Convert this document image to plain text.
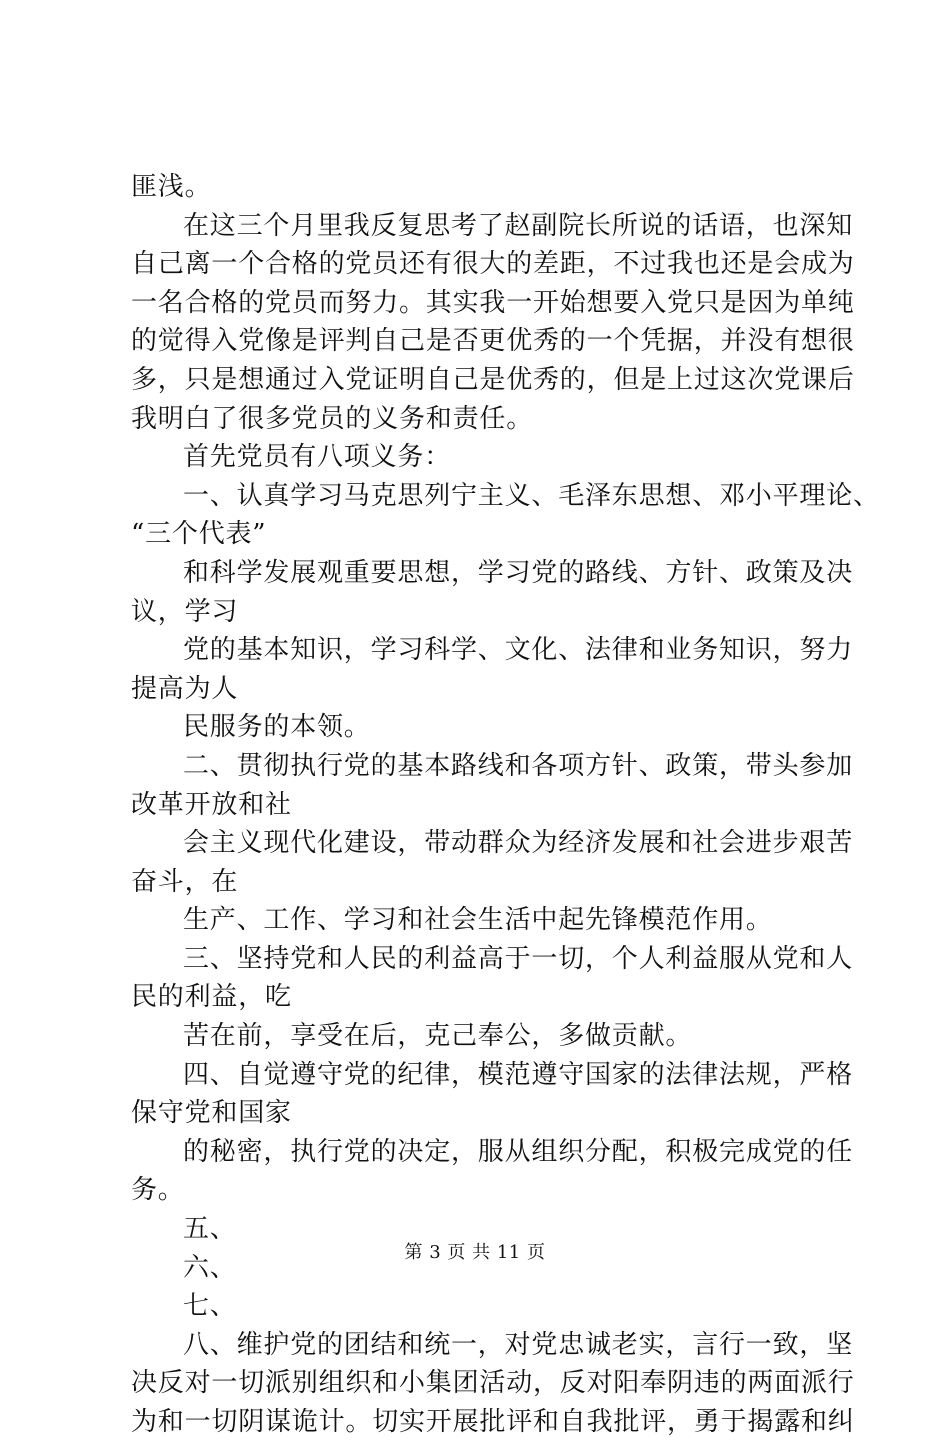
匪浅。
在这三个月里我反复思考了赵副院长所说的话语，也深知
自己离一个合格的党员还有很大的差距，不过我也还是会成为
一名合格的党员而努力。其实我一开始想要入党只是因为单纯
的觉得入党像是评判自己是否更优秀的一个凭据，并没有想很
多，只是想通过入党证明自己是优秀的，但是上过这次党课后
我明白了很多党员的义务和责任。
首先党员有八项义务：
一、认真学习马克思列宁主义、毛泽东思想、邓小平理论、
“三个代表”
和科学发展观重要思想，学习党的路线、方针、政策及决
议，学习
党的基本知识，学习科学、文化、法律和业务知识，努力
提高为人
民服务的本领。
二、贯彻执行党的基本路线和各项方针、政策，带头参加
改革开放和社
会主义现代化建设，带动群众为经济发展和社会进步艰苦
奋斗，在
生产、工作、学习和社会生活中起先锋模范作用。
三、坚持党和人民的利益高于一切，个人利益服从党和人
民的利益，吃
苦在前，享受在后，克己奉公，多做贡献。
四、自觉遵守党的纪律，模范遵守国家的法律法规，严格
保守党和国家
的秘密，执行党的决定，服从组织分配，积极完成党的任
务。
五、
六、
七、
八、维护党的团结和统一，对党忠诚老实，言行一致，坚
决反对一切派别组织和小集团活动，反对阳奉阴违的两面派行
为和一切阴谋诡计。切实开展批评和自我批评，勇于揭露和纠
第 3 页 共 11 页
